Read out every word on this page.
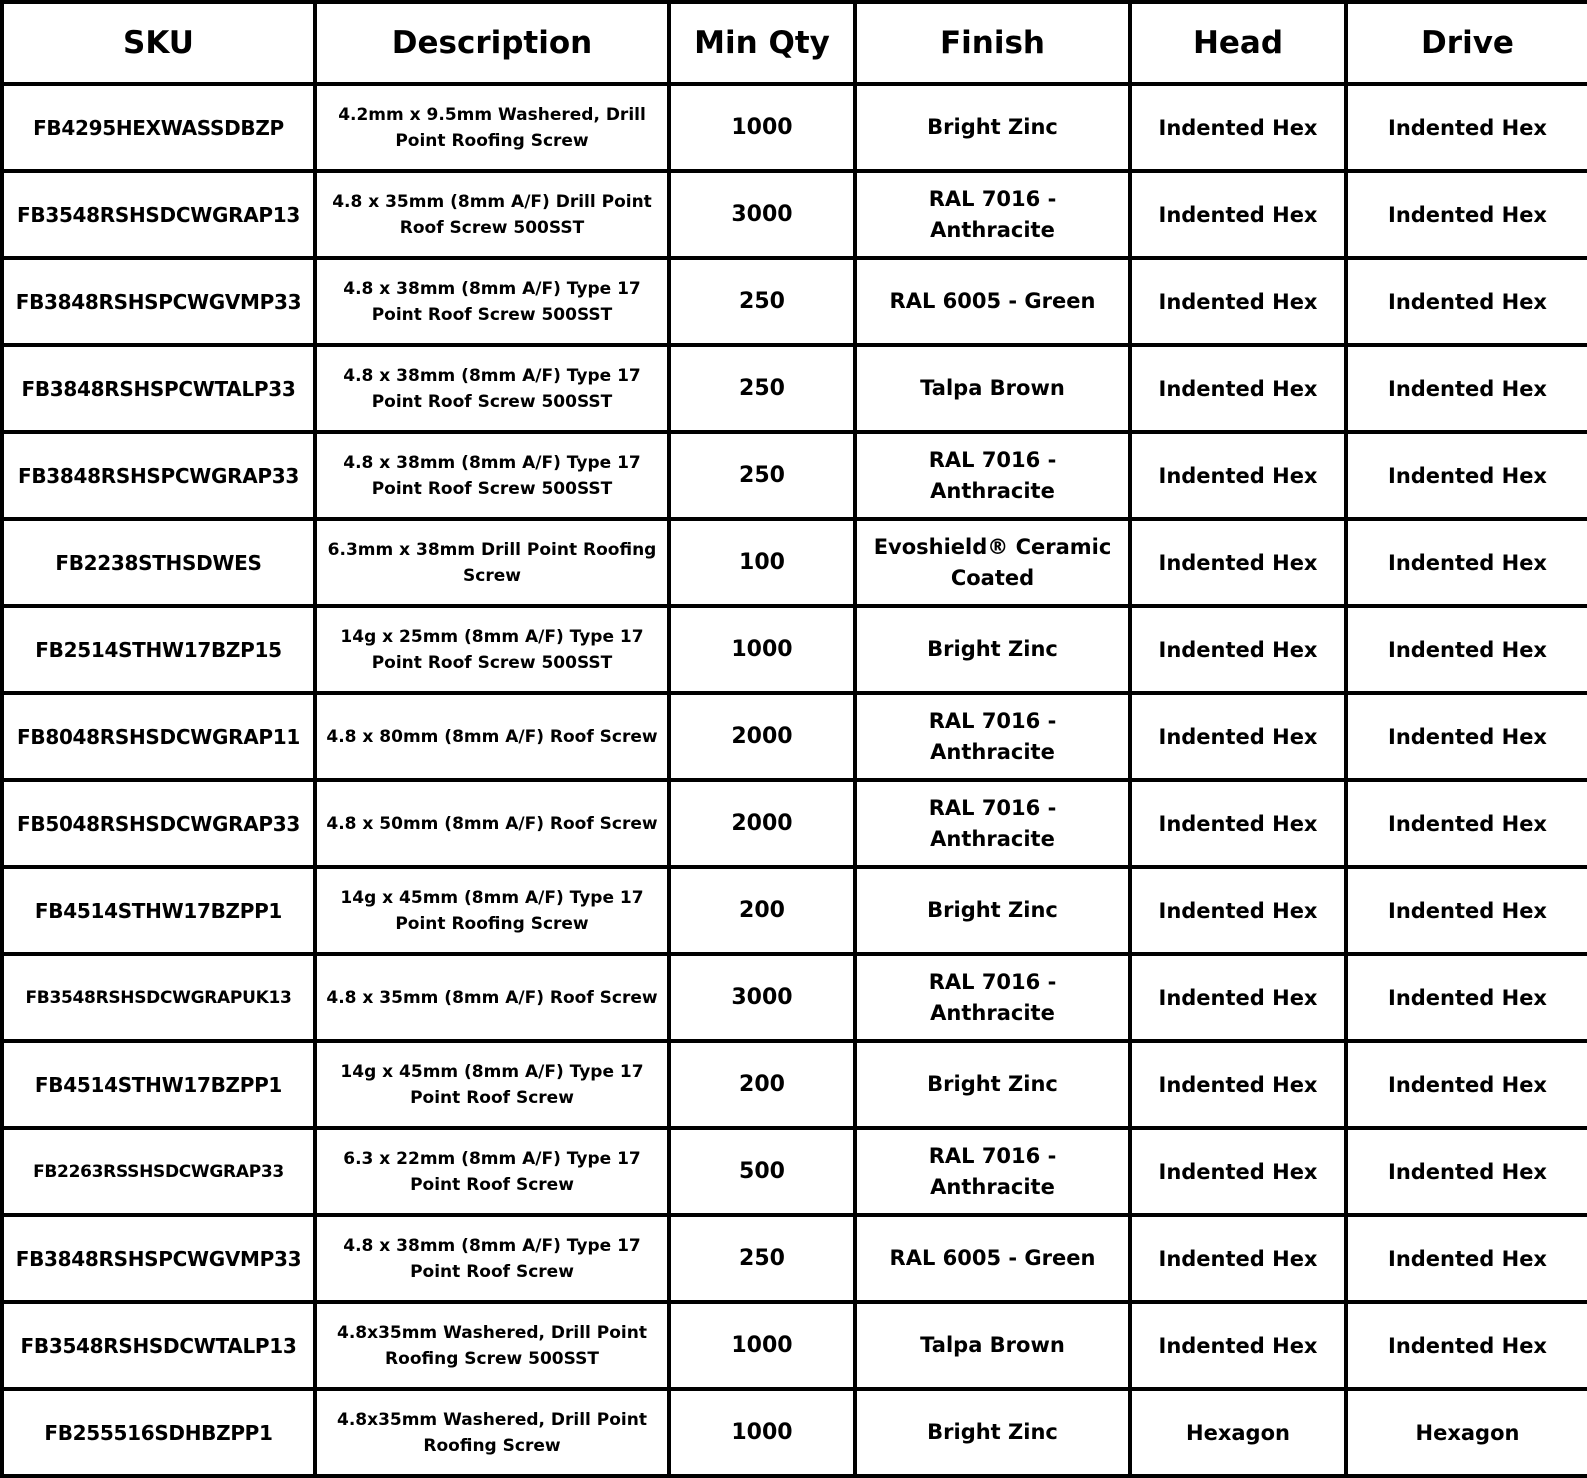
SKU	Description	Min Qty	Finish	Head	Drive
FB4295HEXWASSDBZP	4.2mm x 9.5mm Washered, Drill Point Roofing Screw	1000	Bright Zinc	Indented Hex	Indented Hex
FB3548RSHSDCWGRAP13	4.8 x 35mm (8mm A/F) Drill Point Roof Screw 500SST	3000	RAL 7016 - Anthracite	Indented Hex	Indented Hex
FB3848RSHSPCWGVMP33	4.8 x 38mm (8mm A/F) Type 17 Point Roof Screw 500SST	250	RAL 6005 - Green	Indented Hex	Indented Hex
FB3848RSHSPCWTALP33	4.8 x 38mm (8mm A/F) Type 17 Point Roof Screw 500SST	250	Talpa Brown	Indented Hex	Indented Hex
FB3848RSHSPCWGRAP33	4.8 x 38mm (8mm A/F) Type 17 Point Roof Screw 500SST	250	RAL 7016 - Anthracite	Indented Hex	Indented Hex
FB2238STHSDWES	6.3mm x 38mm Drill Point Roofing Screw	100	Evoshield® Ceramic Coated	Indented Hex	Indented Hex
FB2514STHW17BZP15	14g x 25mm (8mm A/F) Type 17 Point Roof Screw 500SST	1000	Bright Zinc	Indented Hex	Indented Hex
FB8048RSHSDCWGRAP11	4.8 x 80mm (8mm A/F) Roof Screw	2000	RAL 7016 - Anthracite	Indented Hex	Indented Hex
FB5048RSHSDCWGRAP33	4.8 x 50mm (8mm A/F) Roof Screw	2000	RAL 7016 - Anthracite	Indented Hex	Indented Hex
FB4514STHW17BZPP1	14g x 45mm (8mm A/F) Type 17 Point Roofing Screw	200	Bright Zinc	Indented Hex	Indented Hex
FB3548RSHSDCWGRAPUK13	4.8 x 35mm (8mm A/F) Roof Screw	3000	RAL 7016 - Anthracite	Indented Hex	Indented Hex
FB4514STHW17BZPP1	14g x 45mm (8mm A/F) Type 17 Point Roof Screw	200	Bright Zinc	Indented Hex	Indented Hex
FB2263RSSHSDCWGRAP33	6.3 x 22mm (8mm A/F) Type 17 Point Roof Screw	500	RAL 7016 - Anthracite	Indented Hex	Indented Hex
FB3848RSHSPCWGVMP33	4.8 x 38mm (8mm A/F) Type 17 Point Roof Screw	250	RAL 6005 - Green	Indented Hex	Indented Hex
FB3548RSHSDCWTALP13	4.8x35mm Washered, Drill Point Roofing Screw 500SST	1000	Talpa Brown	Indented Hex	Indented Hex
FB255516SDHBZPP1	4.8x35mm Washered, Drill Point Roofing Screw	1000	Bright Zinc	Hexagon	Hexagon
